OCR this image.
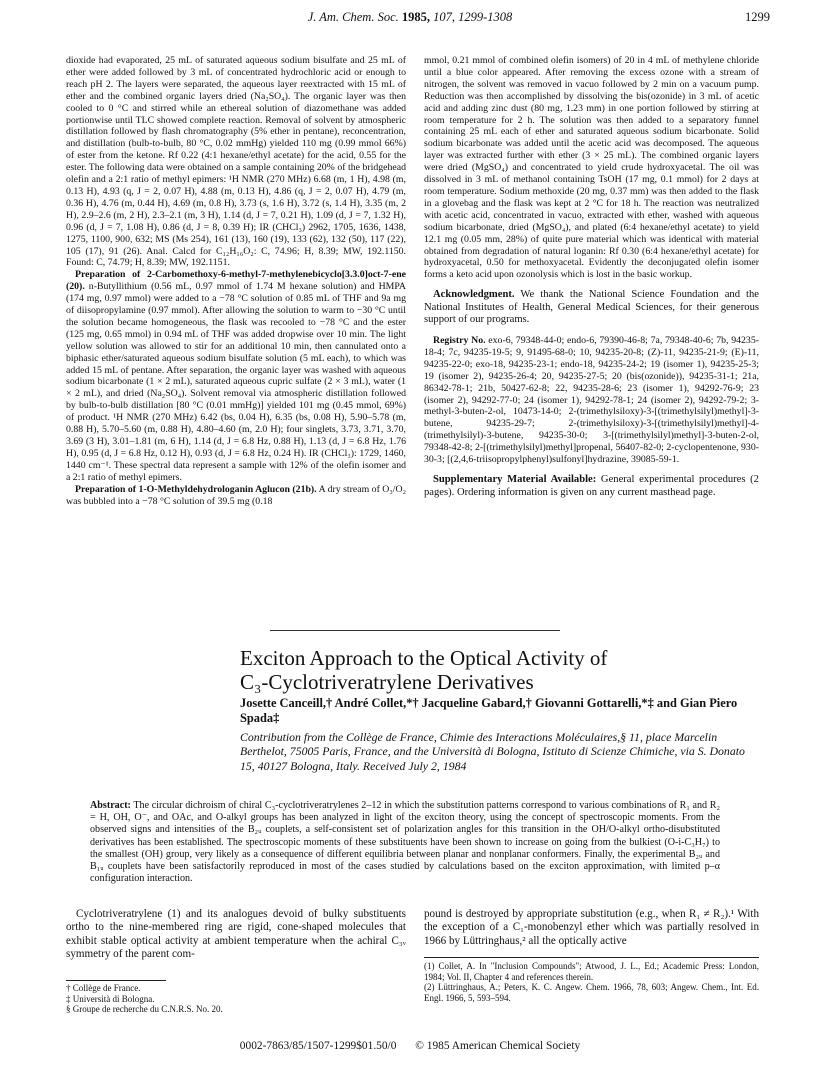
J. Am. Chem. Soc. 1985, 107, 1299-1308	1299

dioxide had evaporated, 25 mL of saturated aqueous sodium bisulfate and 25 mL of ether were added followed by 3 mL of concentrated hydrochloric acid or enough to reach pH 2. The layers were separated, the aqueous layer reextracted with 15 mL of ether and the combined organic layers dried (Na₂SO₄). The organic layer was then cooled to 0 °C and stirred while an ethereal solution of diazomethane was added portionwise until TLC showed complete reaction. Removal of solvent by atmospheric distillation followed by flash chromatography (5% ether in pentane), reconcentration, and distillation (bulb-to-bulb, 80 °C, 0.02 mmHg) yielded 110 mg (0.99 mmol 66%) of ester from the ketone. Rf 0.22 (4:1 hexane/ethyl acetate) for the acid, 0.55 for the ester. The following data were obtained on a sample containing 20% of the bridgehead olefin and a 2:1 ratio of methyl epimers: ¹H NMR (270 MHz) 6.68 (m, 1 H), 4.98 (m, 0.13 H), 4.93 (q, J = 2, 0.07 H), 4.88 (m, 0.13 H), 4.86 (q, J = 2, 0.07 H), 4.79 (m, 0.36 H), 4.76 (m, 0.44 H), 4.69 (m, 0.8 H), 3.73 (s, 1.6 H), 3.72 (s, 1.4 H), 3.35 (m, 2 H), 2.9–2.6 (m, 2 H), 2.3–2.1 (m, 3 H), 1.14 (d, J = 7, 0.21 H), 1.09 (d, J = 7, 1.32 H), 0.96 (d, J = 7, 1.08 H), 0.86 (d, J = 8, 0.39 H); IR (CHCl₃) 2962, 1705, 1636, 1438, 1275, 1100, 900, 632; MS (Ms 254), 161 (13), 160 (19), 133 (62), 132 (50), 117 (22), 105 (17), 91 (26). Anal. Calcd for C₁₂H₁₆O₂: C, 74.96; H, 8.39; MW, 192.1150. Found: C, 74.79; H, 8.39; MW, 192.1151.

Preparation of 2-Carbomethoxy-6-methyl-7-methylenebicyclo[3.3.0]oct-7-ene (20). n-Butyllithium (0.56 mL, 0.97 mmol of 1.74 M hexane solution) and HMPA (174 mg, 0.97 mmol) were added to a −78 °C solution of 0.85 mL of THF and 9a mg of diisopropylamine (0.97 mmol). After allowing the solution to warm to −30 °C until the solution became homogeneous, the flask was recooled to −78 °C and the ester (125 mg, 0.65 mmol) in 0.94 mL of THF was added dropwise over 10 min. The light yellow solution was allowed to stir for an additional 10 min, then cannulated onto a biphasic ether/saturated aqueous sodium bisulfate solution (5 mL each), to which was added 15 mL of pentane. After separation, the organic layer was washed with aqueous sodium bicarbonate (1 × 2 mL), saturated aqueous cupric sulfate (2 × 3 mL), water (1 × 2 mL), and dried (Na₂SO₄). Solvent removal via atmospheric distillation followed by bulb-to-bulb distillation [80 °C (0.01 mmHg)] yielded 101 mg (0.45 mmol, 69%) of product. ¹H NMR (270 MHz) 6.42 (bs, 0.04 H), 6.35 (bs, 0.08 H), 5.90–5.78 (m, 0.88 H), 5.70–5.60 (m, 0.88 H), 4.80–4.60 (m, 2.0 H); four singlets, 3.73, 3.71, 3.70, 3.69 (3 H), 3.01–1.81 (m, 6 H), 1.14 (d, J = 6.8 Hz, 0.88 H), 1.13 (d, J = 6.8 Hz, 1.76 H), 0.95 (d, J = 6.8 Hz, 0.12 H), 0.93 (d, J = 6.8 Hz, 0.24 H). IR (CHCl₃): 1729, 1460, 1440 cm⁻¹. These spectral data represent a sample with 12% of the olefin isomer and a 2:1 ratio of methyl epimers.

Preparation of 1-O-Methyldehydrologanin Aglucon (21b). A dry stream of O₃/O₂ was bubbled into a −78 °C solution of 39.5 mg (0.18

mmol, 0.21 mmol of combined olefin isomers) of 20 in 4 mL of methylene chloride until a blue color appeared. After removing the excess ozone with a stream of nitrogen, the solvent was removed in vacuo followed by 2 min on a vacuum pump. Reduction was then accomplished by dissolving the bis(ozonide) in 3 mL of acetic acid and adding zinc dust (80 mg, 1.23 mm) in one portion followed by stirring at room temperature for 2 h. The solution was then added to a separatory funnel containing 25 mL each of ether and saturated aqueous sodium bicarbonate. Solid sodium bicarbonate was added until the acetic acid was decomposed. The aqueous layer was extracted further with ether (3 × 25 mL). The combined organic layers were dried (MgSO₄) and concentrated to yield crude hydroxyacetal. The oil was dissolved in 3 mL of methanol containing TsOH (17 mg, 0.1 mmol) for 2 days at room temperature. Sodium methoxide (20 mg, 0.37 mm) was then added to the flask in a glovebag and the flask was kept at 2 °C for 18 h. The reaction was neutralized with acetic acid, concentrated in vacuo, extracted with ether, washed with aqueous sodium bicarbonate, dried (MgSO₄), and plated (6:4 hexane/ethyl acetate) to yield 12.1 mg (0.05 mm, 28%) of quite pure material which was identical with material obtained from degradation of natural loganin: Rf 0.30 (6:4 hexane/ethyl acetate) for hydroxyacetal, 0.50 for methoxyacetal. Evidently the deconjugated olefin isomer forms a keto acid upon ozonolysis which is lost in the basic workup.

Acknowledgment. We thank the National Science Foundation and the National Institutes of Health, General Medical Sciences, for their generous support of our programs.

Registry No. exo-6, 79348-44-0; endo-6, 79390-46-8; 7a, 79348-40-6; 7b, 94235-18-4; 7c, 94235-19-5; 9, 91495-68-0; 10, 94235-20-8; (Z)-11, 94235-21-9; (E)-11, 94235-22-0; exo-18, 94235-23-1; endo-18, 94235-24-2; 19 (isomer 1), 94235-25-3; 19 (isomer 2), 94235-26-4; 20, 94235-27-5; 20 (bis(ozonide)), 94235-31-1; 21a, 86342-78-1; 21b, 50427-62-8; 22, 94235-28-6; 23 (isomer 1), 94292-76-9; 23 (isomer 2), 94292-77-0; 24 (isomer 1), 94292-78-1; 24 (isomer 2), 94292-79-2; 3-methyl-3-buten-2-ol, 10473-14-0; 2-(trimethylsiloxy)-3-[(trimethylsilyl)methyl]-3-butene, 94235-29-7; 2-(trimethylsiloxy)-3-[(trimethylsilyl)methyl]-4-(trimethylsilyl)-3-butene, 94235-30-0; 3-[(trimethylsilyl)methyl]-3-buten-2-ol, 79348-42-8; 2-[(trimethylsilyl)methyl]propenal, 56407-82-0; 2-cyclopentenone, 930-30-3; [(2,4,6-triisopropylphenyl)sulfonyl]hydrazine, 39085-59-1.

Supplementary Material Available: General experimental procedures (2 pages). Ordering information is given on any current masthead page.

Exciton Approach to the Optical Activity of
C₃-Cyclotriveratrylene Derivatives
Josette Canceill,† André Collet,*† Jacqueline Gabard,† Giovanni Gottarelli,*‡ and Gian Piero Spada‡
Contribution from the Collège de France, Chimie des Interactions Moléculaires,§ 11, place Marcelin Berthelot, 75005 Paris, France, and the Università di Bologna, Istituto di Scienze Chimiche, via S. Donato 15, 40127 Bologna, Italy. Received July 2, 1984
Abstract: The circular dichroism of chiral C₃-cyclotriveratrylenes 2–12 in which the substitution patterns correspond to various combinations of R₁ and R₂ = H, OH, O⁻, and OAc, and O-alkyl groups has been analyzed in light of the exciton theory, using the concept of spectroscopic moments. From the observed signs and intensities of the B₂ᵤ couplets, a self-consistent set of polarization angles for this transition in the OH/O-alkyl ortho-disubstituted derivatives has been established. The spectroscopic moments of these substituents have been shown to increase on going from the bulkiest (O-i-C₃H₇) to the smallest (OH) group, very likely as a consequence of different equilibria between planar and nonplanar conformers. Finally, the experimental B₂ᵤ and B₁ᵤ couplets have been satisfactorily reproduced in most of the cases studied by calculations based on the exciton approximation, with limited p–α configuration interaction.

Cyclotriveratrylene (1) and its analogues devoid of bulky substituents ortho to the nine-membered ring are rigid, cone-shaped molecules that exhibit stable optical activity at ambient temperature when the achiral C₃ᵥ symmetry of the parent com-

pound is destroyed by appropriate substitution (e.g., when R₁ ≠ R₂).¹ With the exception of a C₁-monobenzyl ether which was partially resolved in 1966 by Lüttringhaus,² all the optically active

† Collège de France.
‡ Università di Bologna.
§ Groupe de recherche du C.N.R.S. No. 20.
(1) Collet, A. In "Inclusion Compounds"; Atwood, J. L., Ed.; Academic Press: London, 1984; Vol. II, Chapter 4 and references therein.
(2) Lüttringhaus, A.; Peters, K. C. Angew. Chem. 1966, 78, 603; Angew. Chem., Int. Ed. Engl. 1966, 5, 593–594.
0002-7863/85/1507-1299$01.50/0 © 1985 American Chemical Society
